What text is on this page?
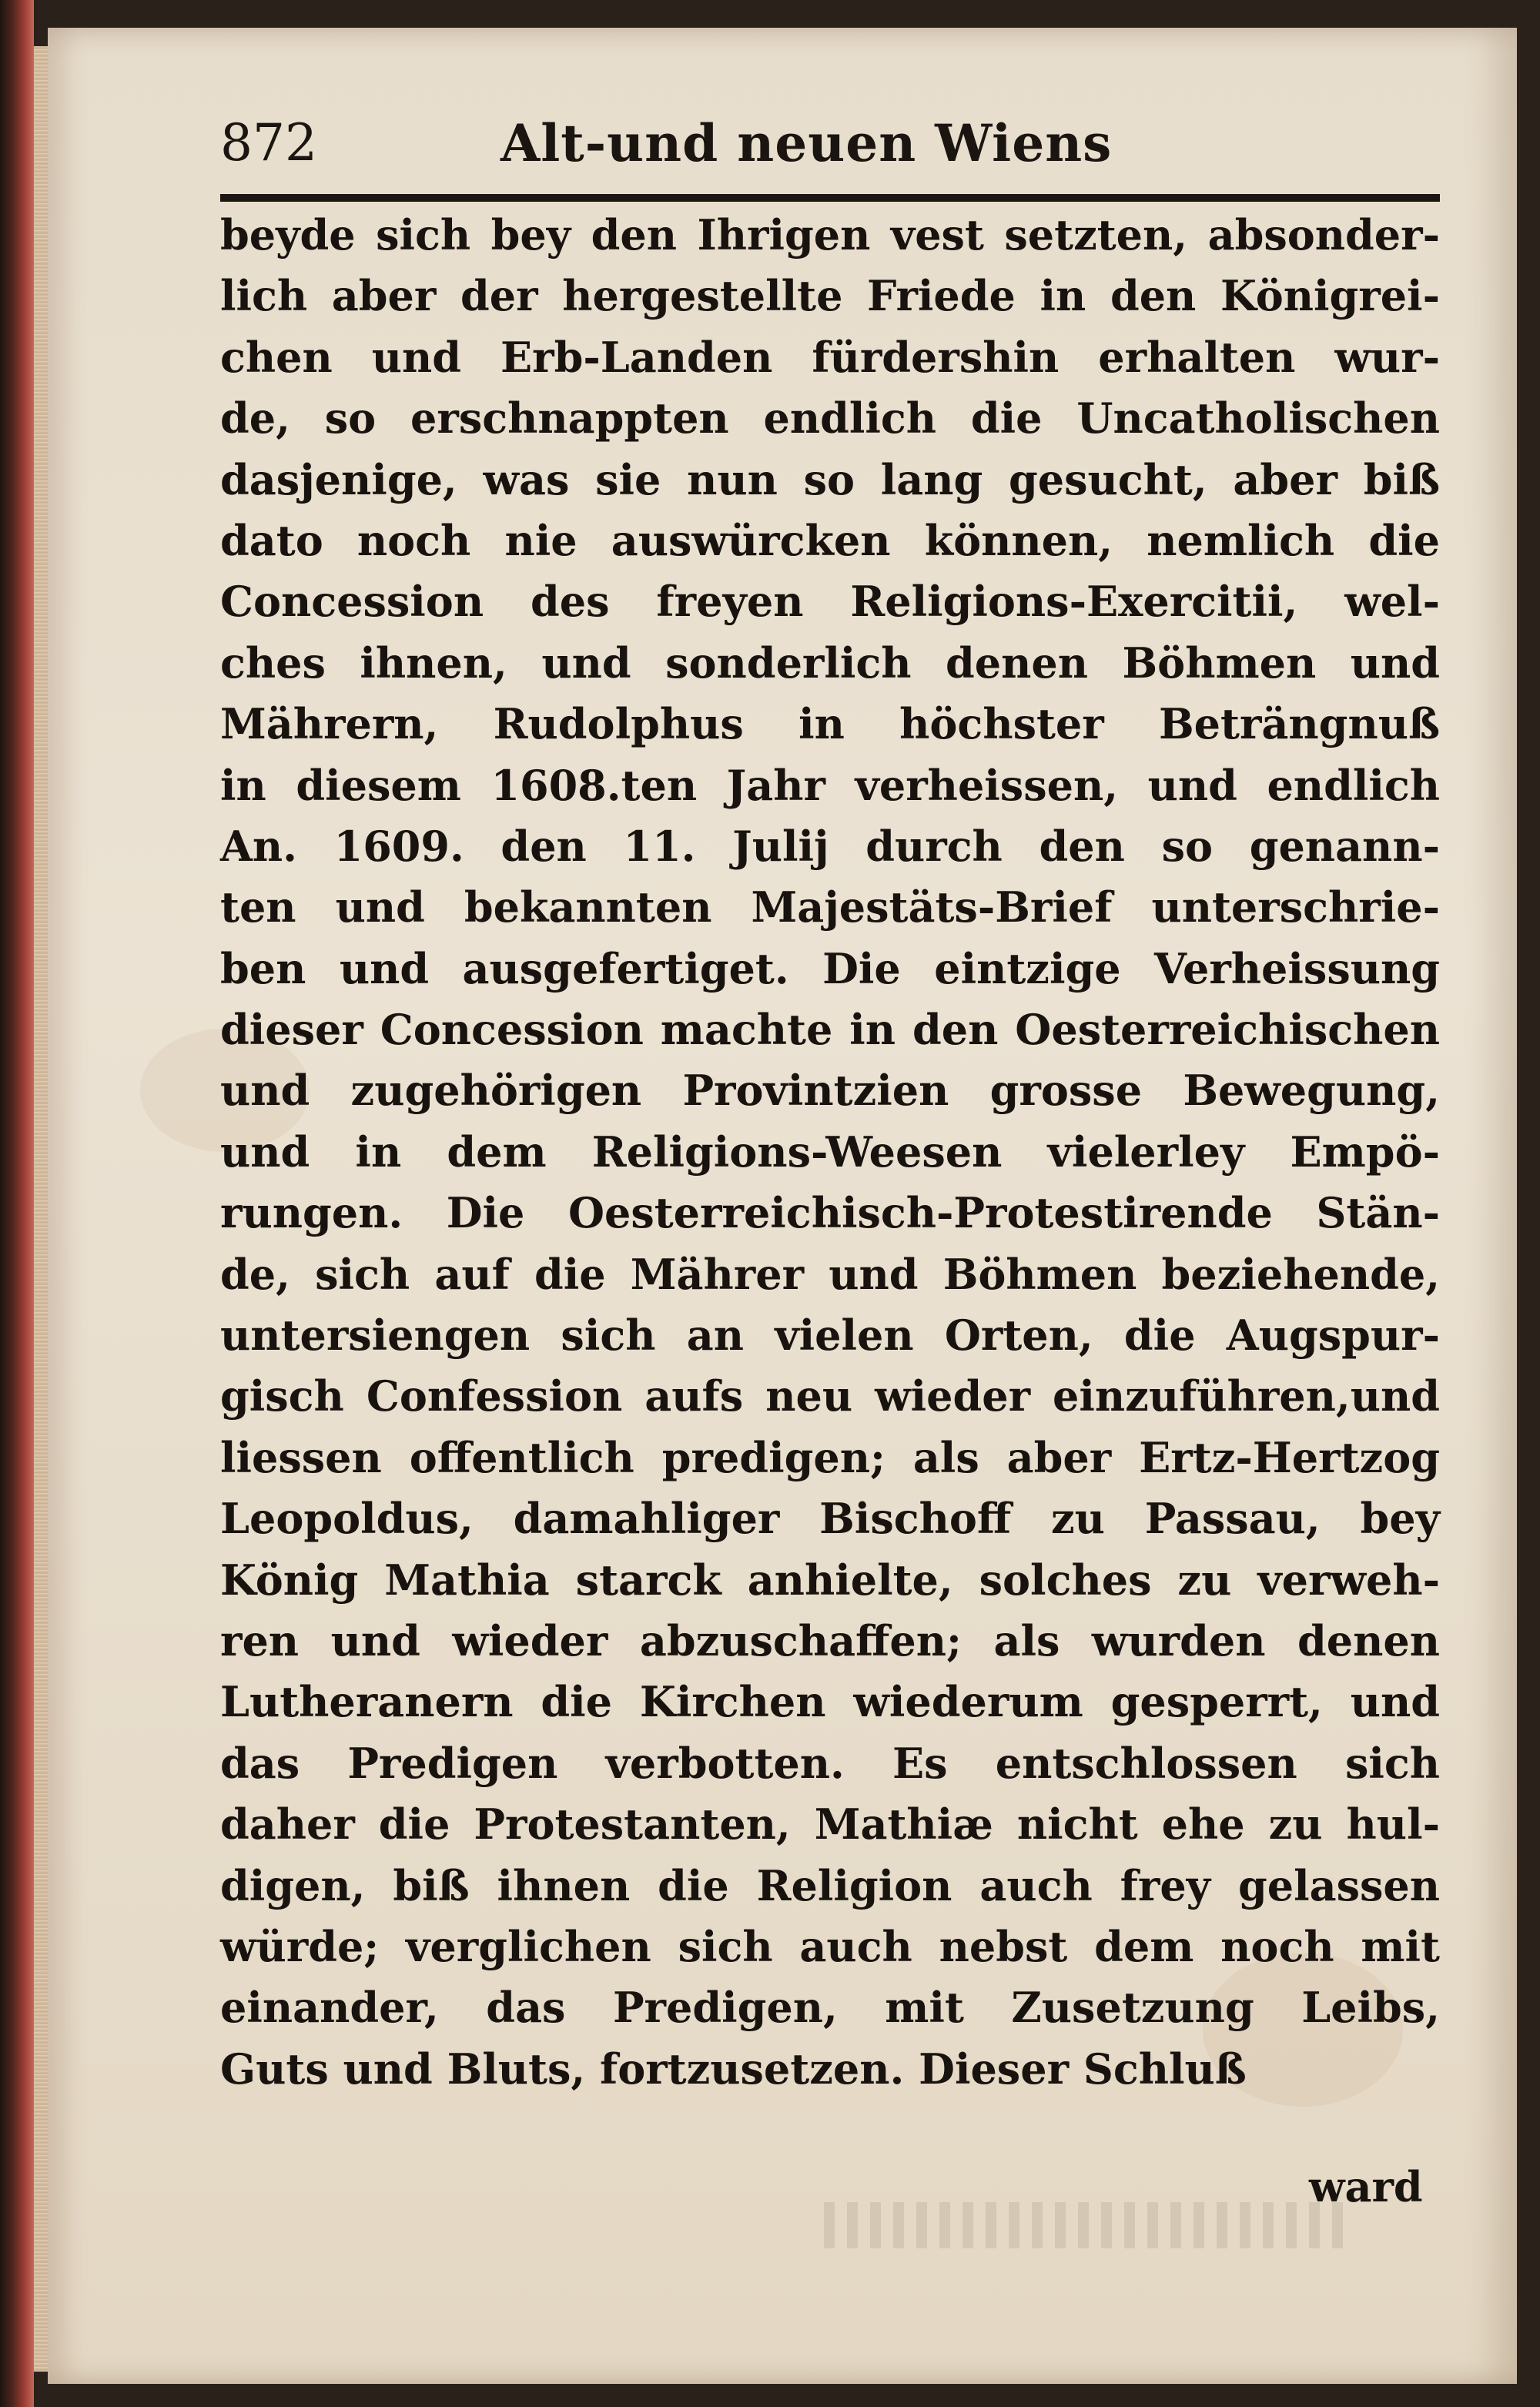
872	Alt-und neuen Wiens
beyde sich bey den Ihrigen vest setzten, absonder-
lich aber der hergestellte Friede in den Königrei-
chen und Erb-Landen fürdershin erhalten wur-
de, so erschnappten endlich die Uncatholischen
dasjenige, was sie nun so lang gesucht, aber biß
dato noch nie auswürcken können, nemlich die
Concession des freyen Religions-Exercitii, wel-
ches ihnen, und sonderlich denen Böhmen und
Mährern, Rudolphus in höchster Beträngnuß
in diesem 1608.ten Jahr verheissen, und endlich
An. 1609. den 11. Julij durch den so genann-
ten und bekannten Majestäts-Brief unterschrie-
ben und ausgefertiget. Die eintzige Verheissung
dieser Concession machte in den Oesterreichischen
und zugehörigen Provintzien grosse Bewegung,
und in dem Religions-Weesen vielerley Empö-
rungen. Die Oesterreichisch-Protestirende Stän-
de, sich auf die Mährer und Böhmen beziehende,
untersiengen sich an vielen Orten, die Augspur-
gisch Confession aufs neu wieder einzuführen,und
liessen offentlich predigen; als aber Ertz-Hertzog
Leopoldus, damahliger Bischoff zu Passau, bey
König Mathia starck anhielte, solches zu verweh-
ren und wieder abzuschaffen; als wurden denen
Lutheranern die Kirchen wiederum gesperrt, und
das Predigen verbotten. Es entschlossen sich
daher die Protestanten, Mathiæ nicht ehe zu hul-
digen, biß ihnen die Religion auch frey gelassen
würde; verglichen sich auch nebst dem noch mit
einander, das Predigen, mit Zusetzung Leibs,
Guts und Bluts, fortzusetzen. Dieser Schluß
ward
